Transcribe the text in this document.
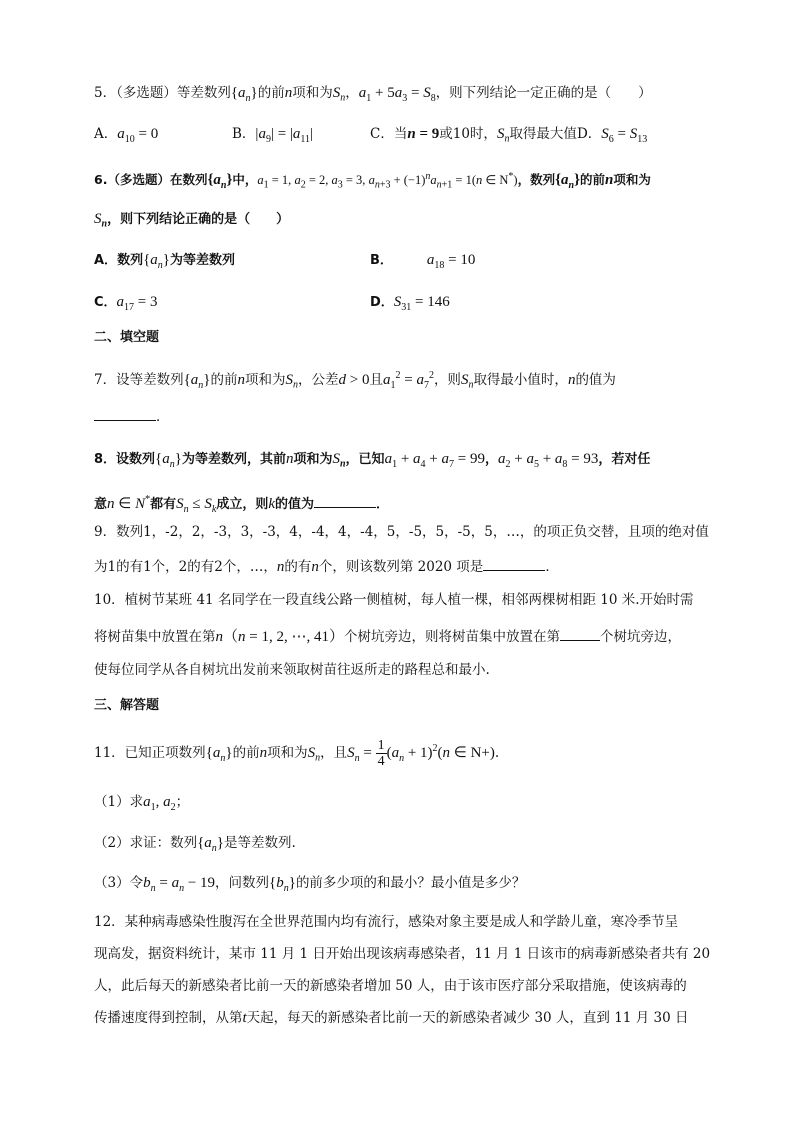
5．（多选题）等差数列$\{a_n\}$的前n项和为$S_n$，$a_1 + 5a_3 = S_8$，则下列结论一定正确的是（　　）
A．$a_{10} = 0$	B．$|a_9| = |a_{11}|$	C．当n = 9或10时，$S_n$取得最大值D．$S_6 = S_{13}$
6.（多选题）在数列$\{a_n\}$中，$a_1 = 1$, $a_2 = 2$, $a_3 = 3$, $a_{n+3} + (-1)^na_{n+1} = 1(n$ ∈ N*)，数列$\{a_n\}$的前n项和为
$S_n$，则下列结论正确的是（　　）
A．数列$\{a_n\}$为等差数列	B． $a_{18} = 10$
C．$a_{17} = 3$	D．$S_{31} = 146$
二、填空题
7．设等差数列$\{a_n\}$的前n项和为$S_n$，公差d > 0且$a_1^2 = a_7^2$，则$S_n$取得最小值时，n的值为
．
8．设数列$\{a_n\}$为等差数列，其前n项和为$S_n$，已知$a_1 + a_4 + a_7 = 99$，$a_2 + a_5 + a_8 = 93$，若对任
意n ∈ N*都有$S_n \le S_k$成立，则k的值为	．
9．数列1，-2，2，-3，3，-3，4，-4，4，-4，5，-5，5，-5，5，…，的项正负交替，且项的绝对值
为1的有1个，2的有2个，…，n的有n个，则该数列第 2020 项是	．
10．植树节某班 41 名同学在一段直线公路一侧植树，每人植一棵，相邻两棵树相距 10 米.开始时需
将树苗集中放置在第n（n = 1, 2, ⋯, 41）个树坑旁边，则将树苗集中放置在第	个树坑旁边，
使每位同学从各自树坑出发前来领取树苗往返所走的路程总和最小.
三、解答题
11．已知正项数列$\{a_n\}$的前n项和为$S_n$，且$S_n = \frac{1}{4} (a_n + 1)^2(n$ ∈ N+).
（1）求$a_1$, $a_2$；
（2）求证：数列$\{a_n\}$是等差数列.
（3）令$b_n = a_n - 19$，问数列$\{b_n\}$的前多少项的和最小？最小值是多少？
12．某种病毒感染性腹泻在全世界范围内均有流行，感染对象主要是成人和学龄儿童，寒冷季节呈
现高发，据资料统计，某市 11 月 1 日开始出现该病毒感染者，11 月 1 日该市的病毒新感染者共有 20
人，此后每天的新感染者比前一天的新感染者增加 50 人，由于该市医疗部分采取措施，使该病毒的
传播速度得到控制，从第t天起，每天的新感染者比前一天的新感染者减少 30 人，直到 11 月 30 日
